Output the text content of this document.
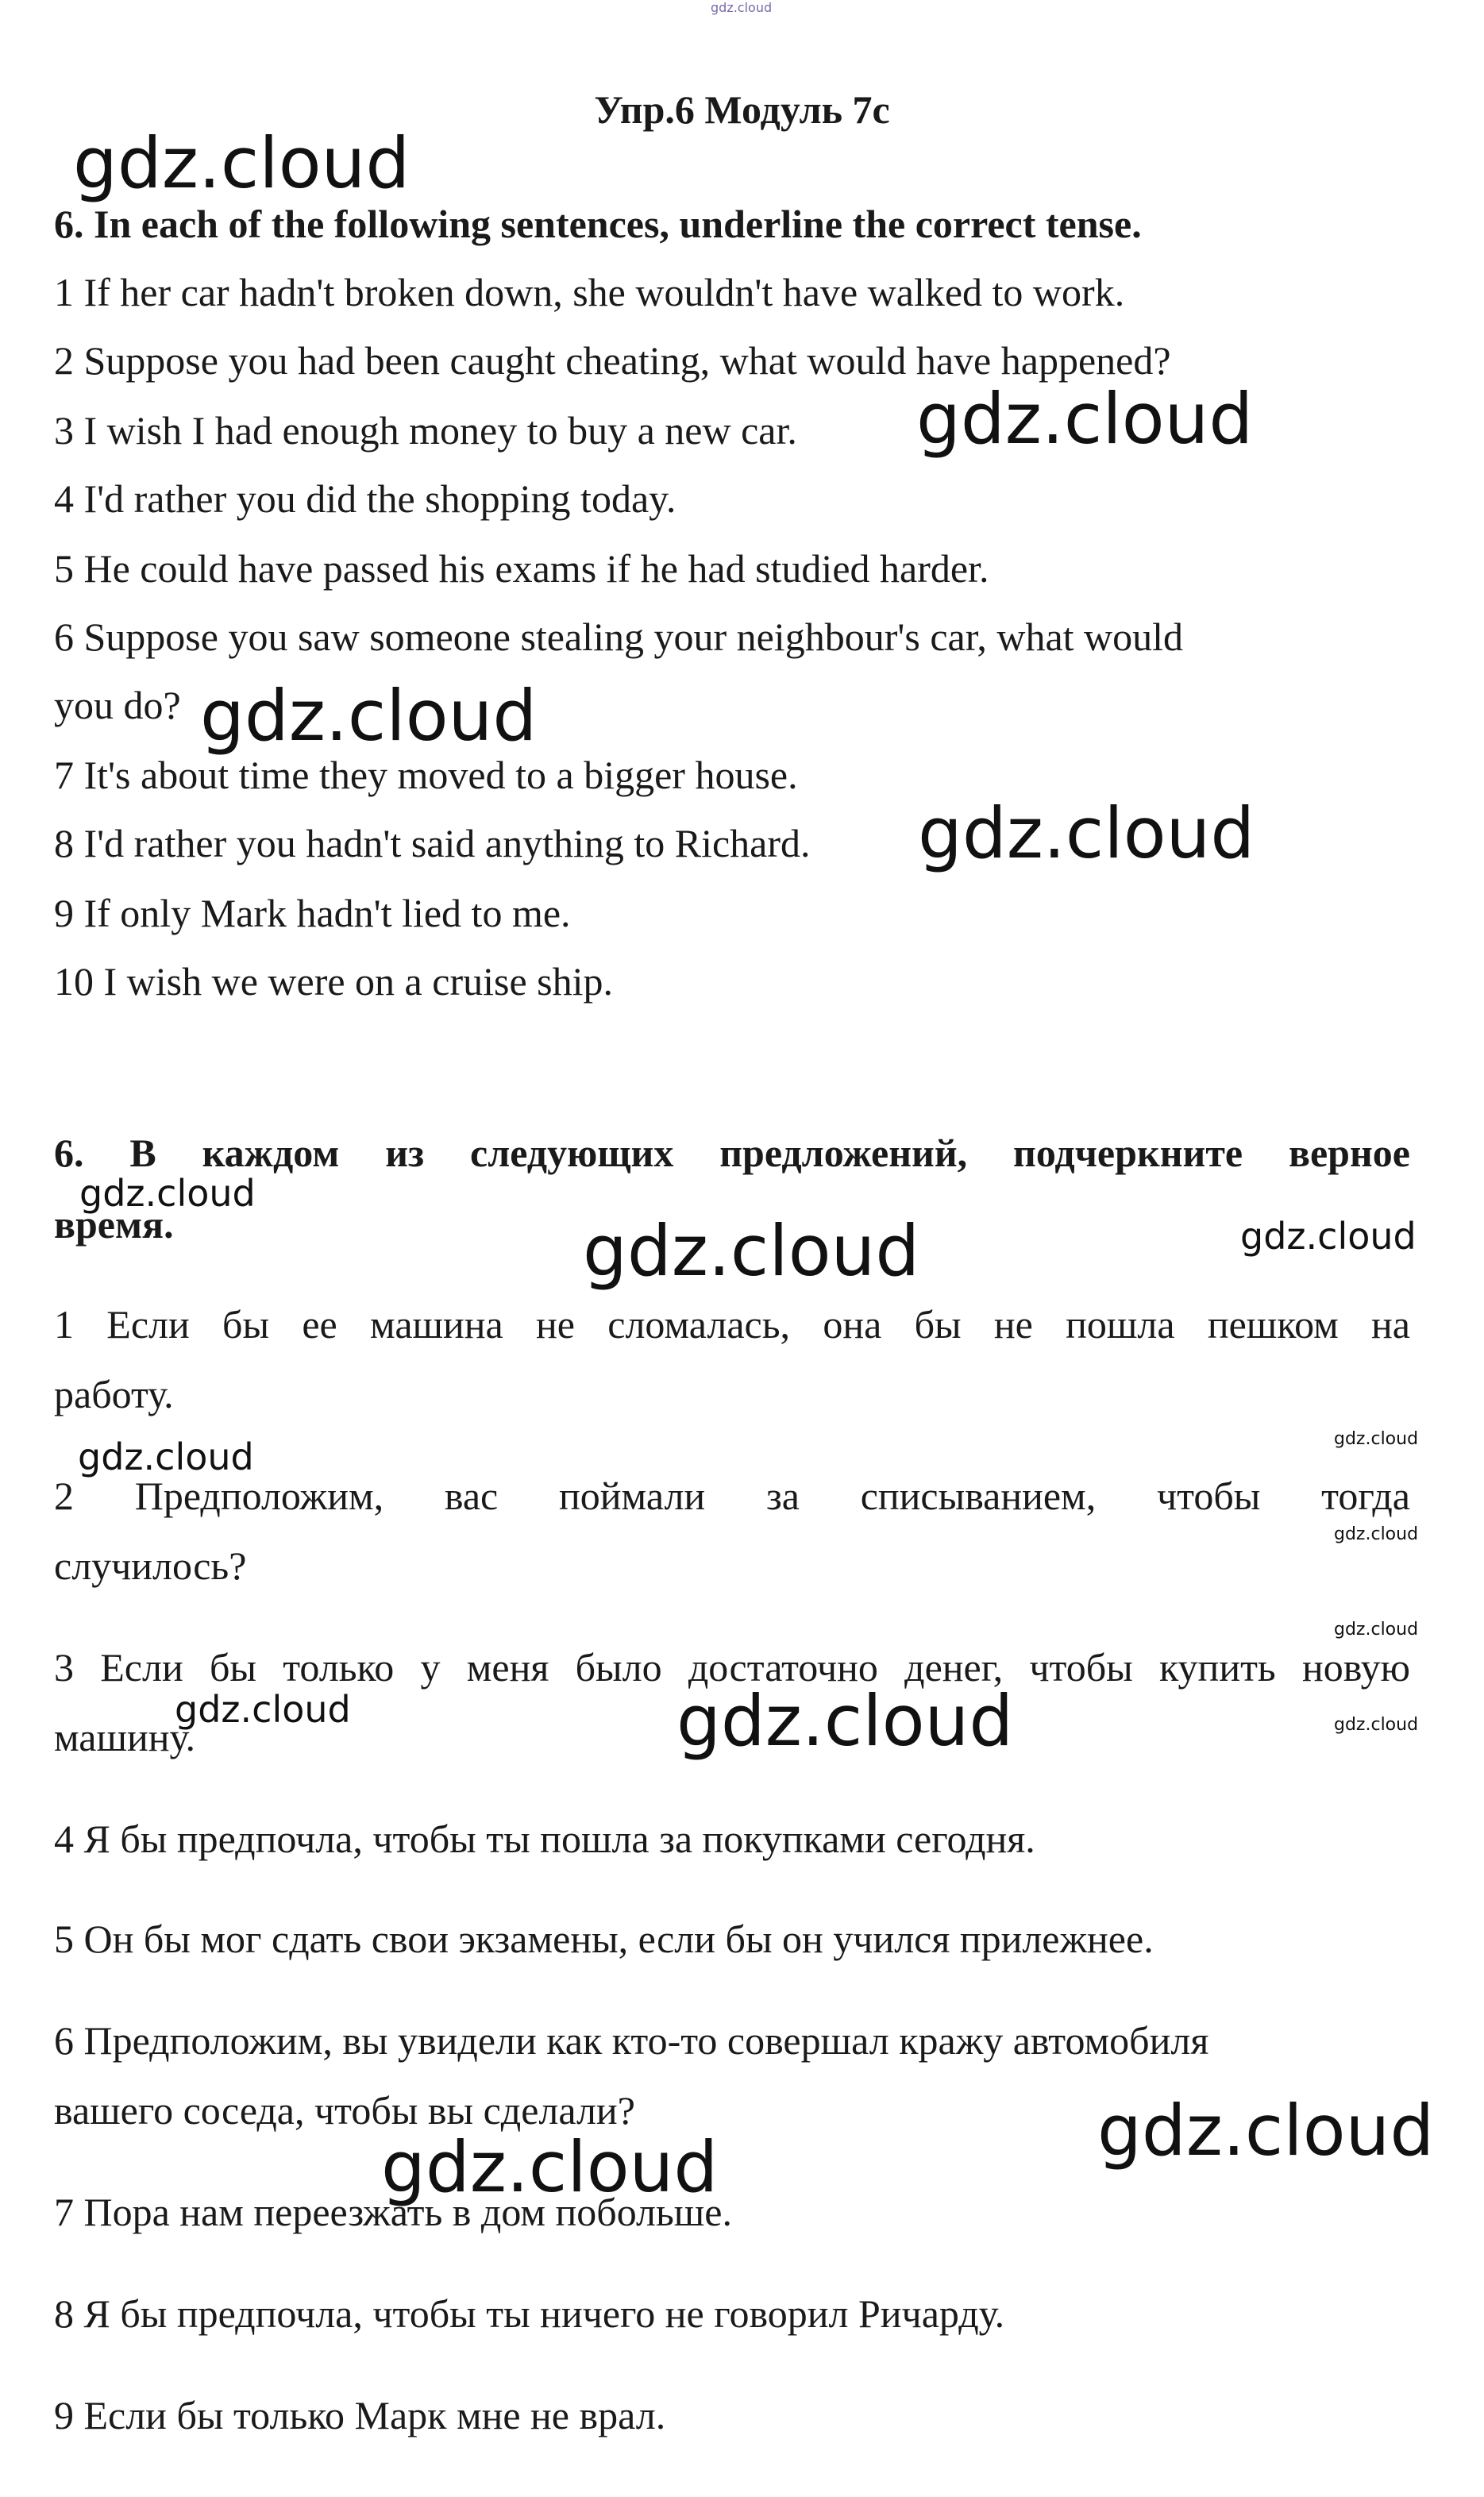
gdz.cloud
Упр.6 Модуль 7с
6. In each of the following sentences, underline the correct tense.
1 If her car hadn't broken down, she wouldn't have walked to work.
2 Suppose you had been caught cheating, what would have happened?
3 I wish I had enough money to buy a new car.
4 I'd rather you did the shopping today.
5 He could have passed his exams if he had studied harder.
6 Suppose you saw someone stealing your neighbour's car, what would
you do?
7 It's about time they moved to a bigger house.
8 I'd rather you hadn't said anything to Richard.
9 If only Mark hadn't lied to me.
10 I wish we were on a cruise ship.
6. В каждом из следующих предложений, подчеркните верное
время.
1 Если бы ее машина не сломалась, она бы не пошла пешком на
работу.
2 Предположим, вас поймали за списыванием, чтобы тогда
случилось?
3 Если бы только у меня было достаточно денег, чтобы купить новую
машину.
4 Я бы предпочла, чтобы ты пошла за покупками сегодня.
5 Он бы мог сдать свои экзамены, если бы он учился прилежнее.
6 Предположим, вы увидели как кто-то совершал кражу автомобиля
вашего соседа, чтобы вы сделали?
7 Пора нам переезжать в дом побольше.
8 Я бы предпочла, чтобы ты ничего не говорил Ричарду.
9 Если бы только Марк мне не врал.
gdz.cloud
gdz.cloud
gdz.cloud
gdz.cloud
gdz.cloud
gdz.cloud	gdz.cloud
gdz.cloud	gdz.cloud
gdz.cloud
gdz.cloud
gdz.cloud	gdz.cloud	gdz.cloud
gdz.cloud
gdz.cloud
